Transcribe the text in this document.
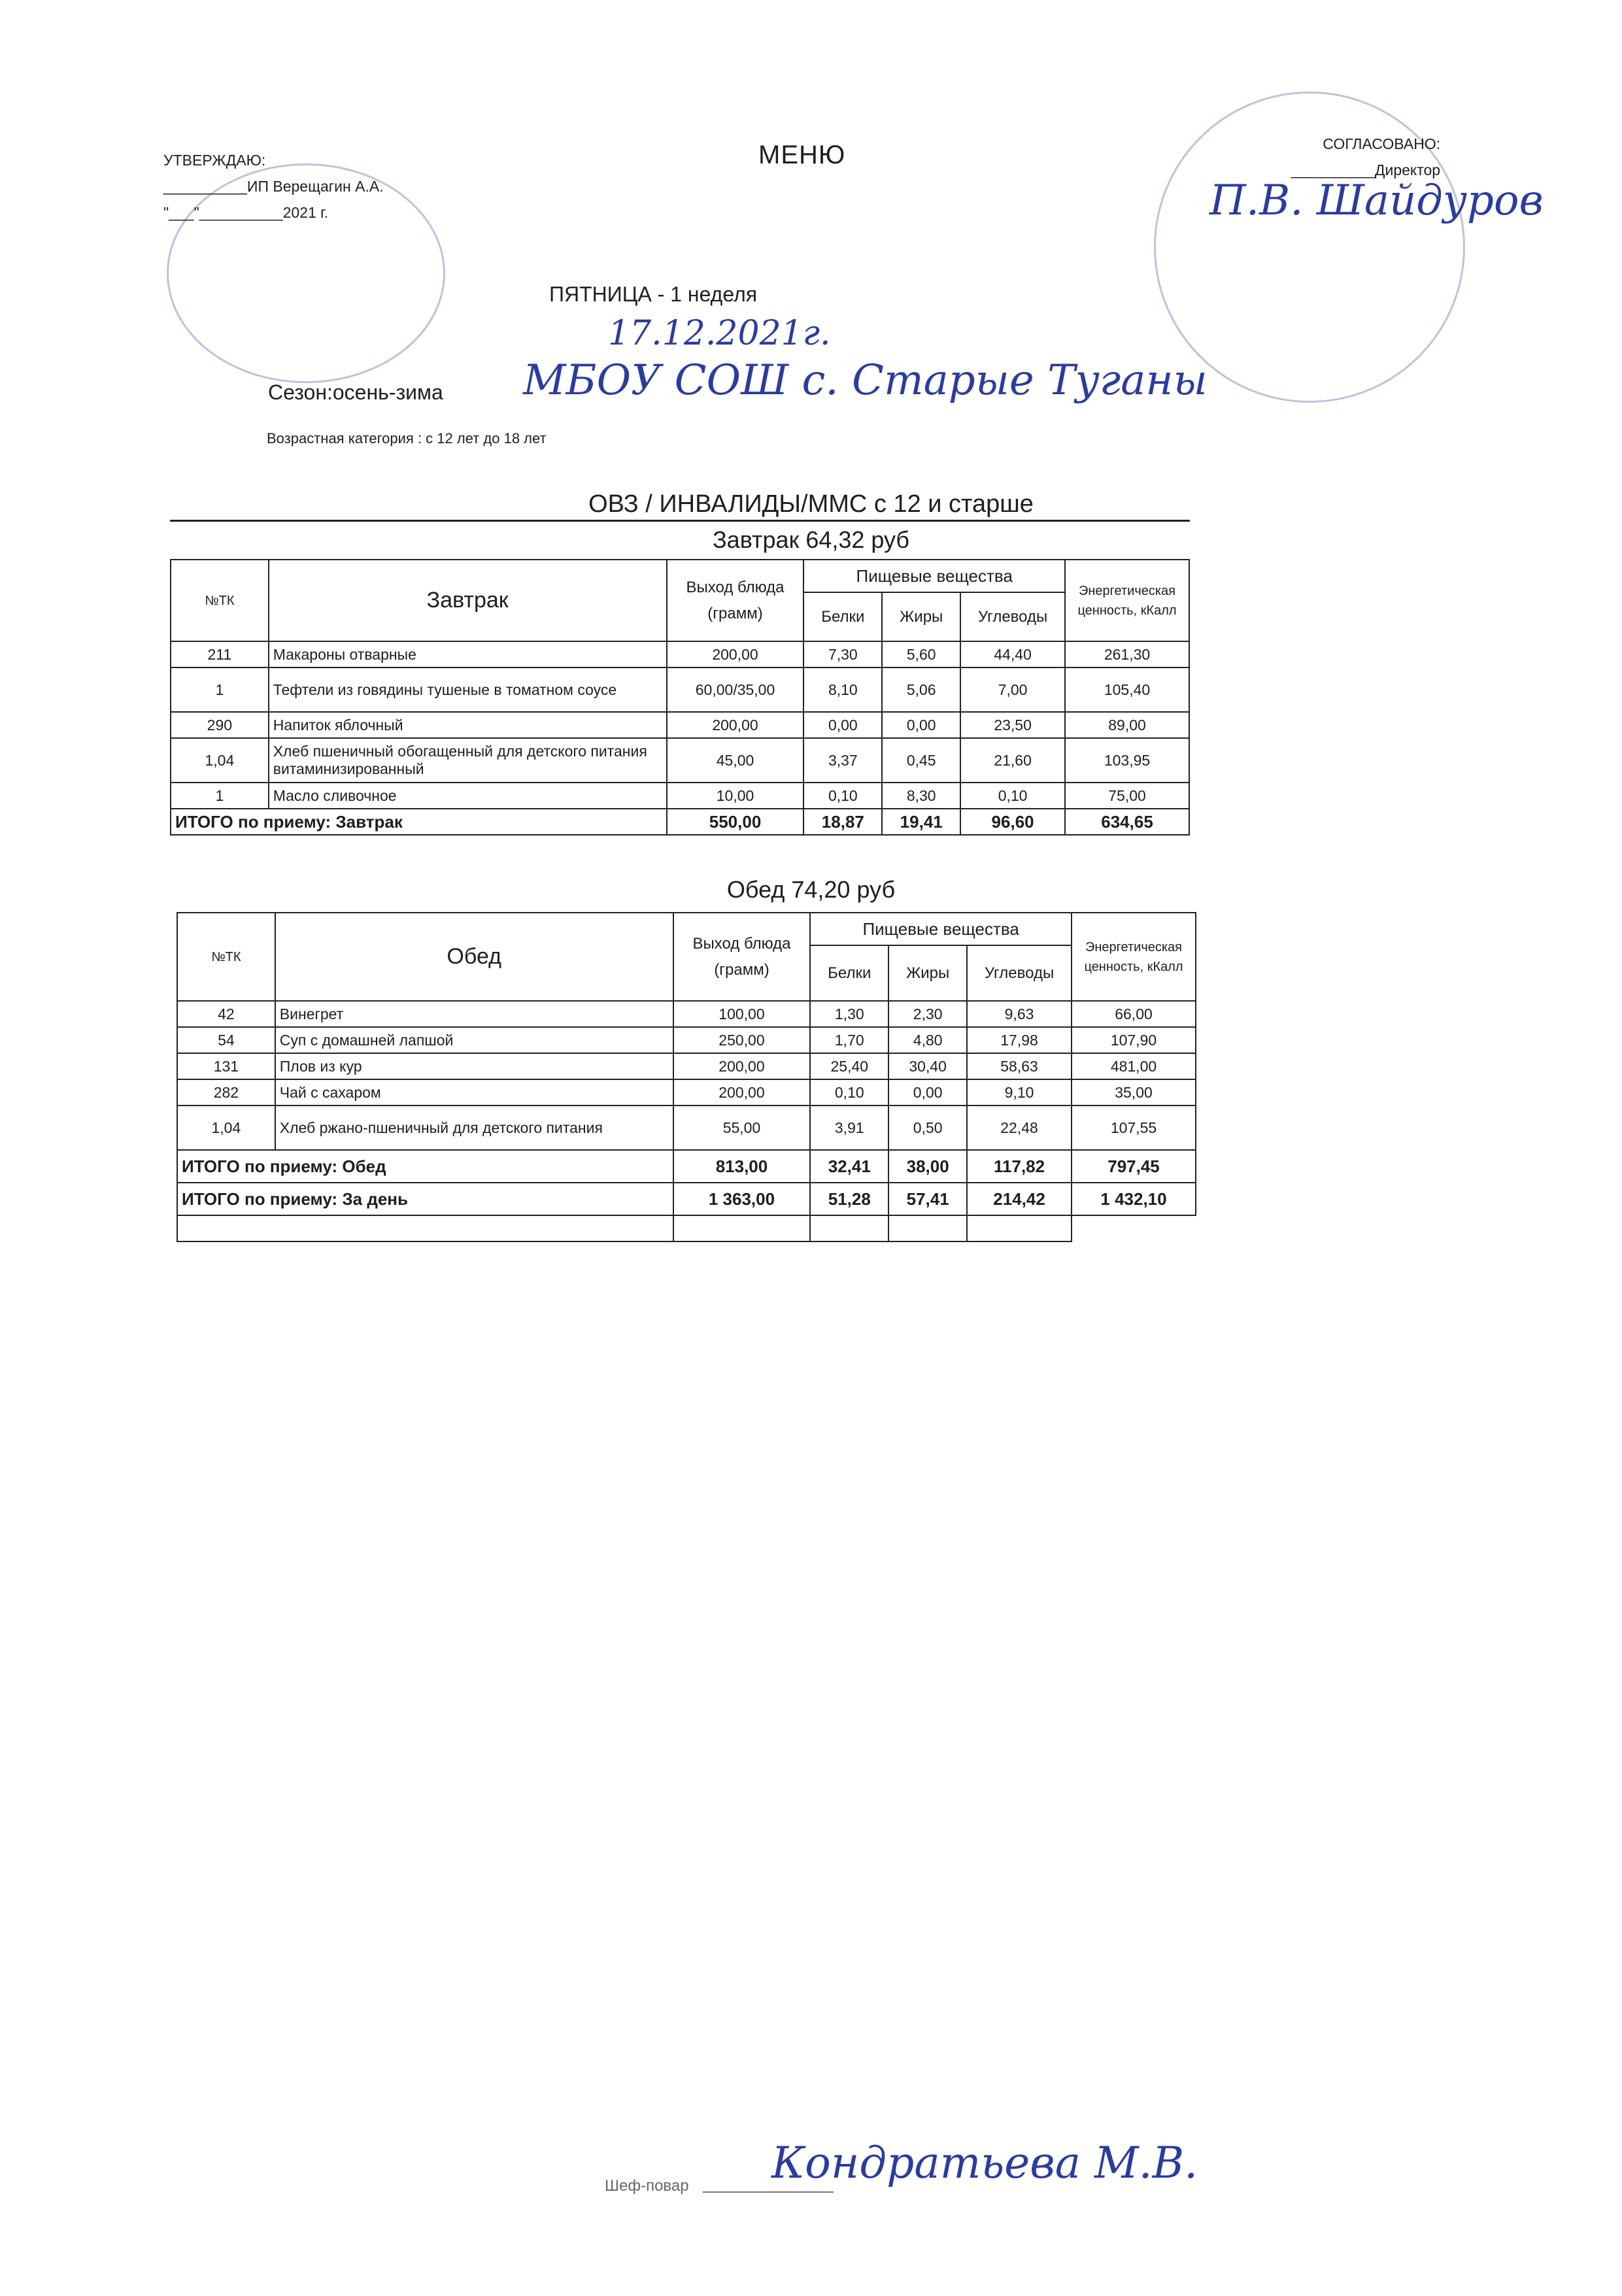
УТВЕРЖДАЮ:
__________ИП Верещагин А.А.
"___"__________2021 г.
МЕНЮ	СОГЛАСОВАНО:
__________Директор
П.В. Шайдуров
ПЯТНИЦА - 1 неделя
17.12.2021г.
Сезон:осень-зима МБОУ СОШ с. Старые Туганы
Возрастная категория : с 12 лет до 18 лет
ОВЗ / ИНВАЛИДЫ/ММС с 12 и старше
Завтрак 64,32 руб
№ТК	Завтрак	Выход блюда (грамм)	Пищевые вещества			Энергетическая ценность, кКалл
			Белки	Жиры	Углеводы	
211	Макароны отварные	200,00	7,30	5,60	44,40	261,30
1	Тефтели из говядины тушеные в томатном соусе	60,00/35,00	8,10	5,06	7,00	105,40
290	Напиток яблочный	200,00	0,00	0,00	23,50	89,00
1,04	Хлеб пшеничный обогащенный для детского питания витаминизированный	45,00	3,37	0,45	21,60	103,95
1	Масло сливочное	10,00	0,10	8,30	0,10	75,00
ИТОГО по приему: Завтрак		550,00	18,87	19,41	96,60	634,65
Обед 74,20 руб
№ТК	Обед	Выход блюда (грамм)	Пищевые вещества			Энергетическая ценность, кКалл
			Белки	Жиры	Углеводы	
42	Винегрет	100,00	1,30	2,30	9,63	66,00
54	Суп с домашней лапшой	250,00	1,70	4,80	17,98	107,90
131	Плов из кур	200,00	25,40	30,40	58,63	481,00
282	Чай с сахаром	200,00	0,10	0,00	9,10	35,00
1,04	Хлеб ржано-пшеничный для детского питания	55,00	3,91	0,50	22,48	107,55
ИТОГО по приему: Обед		813,00	32,41	38,00	117,82	797,45
ИТОГО по приему: За день		1 363,00	51,28	57,41	214,42	1 432,10

Шеф-повар Кондратьева М.В.
